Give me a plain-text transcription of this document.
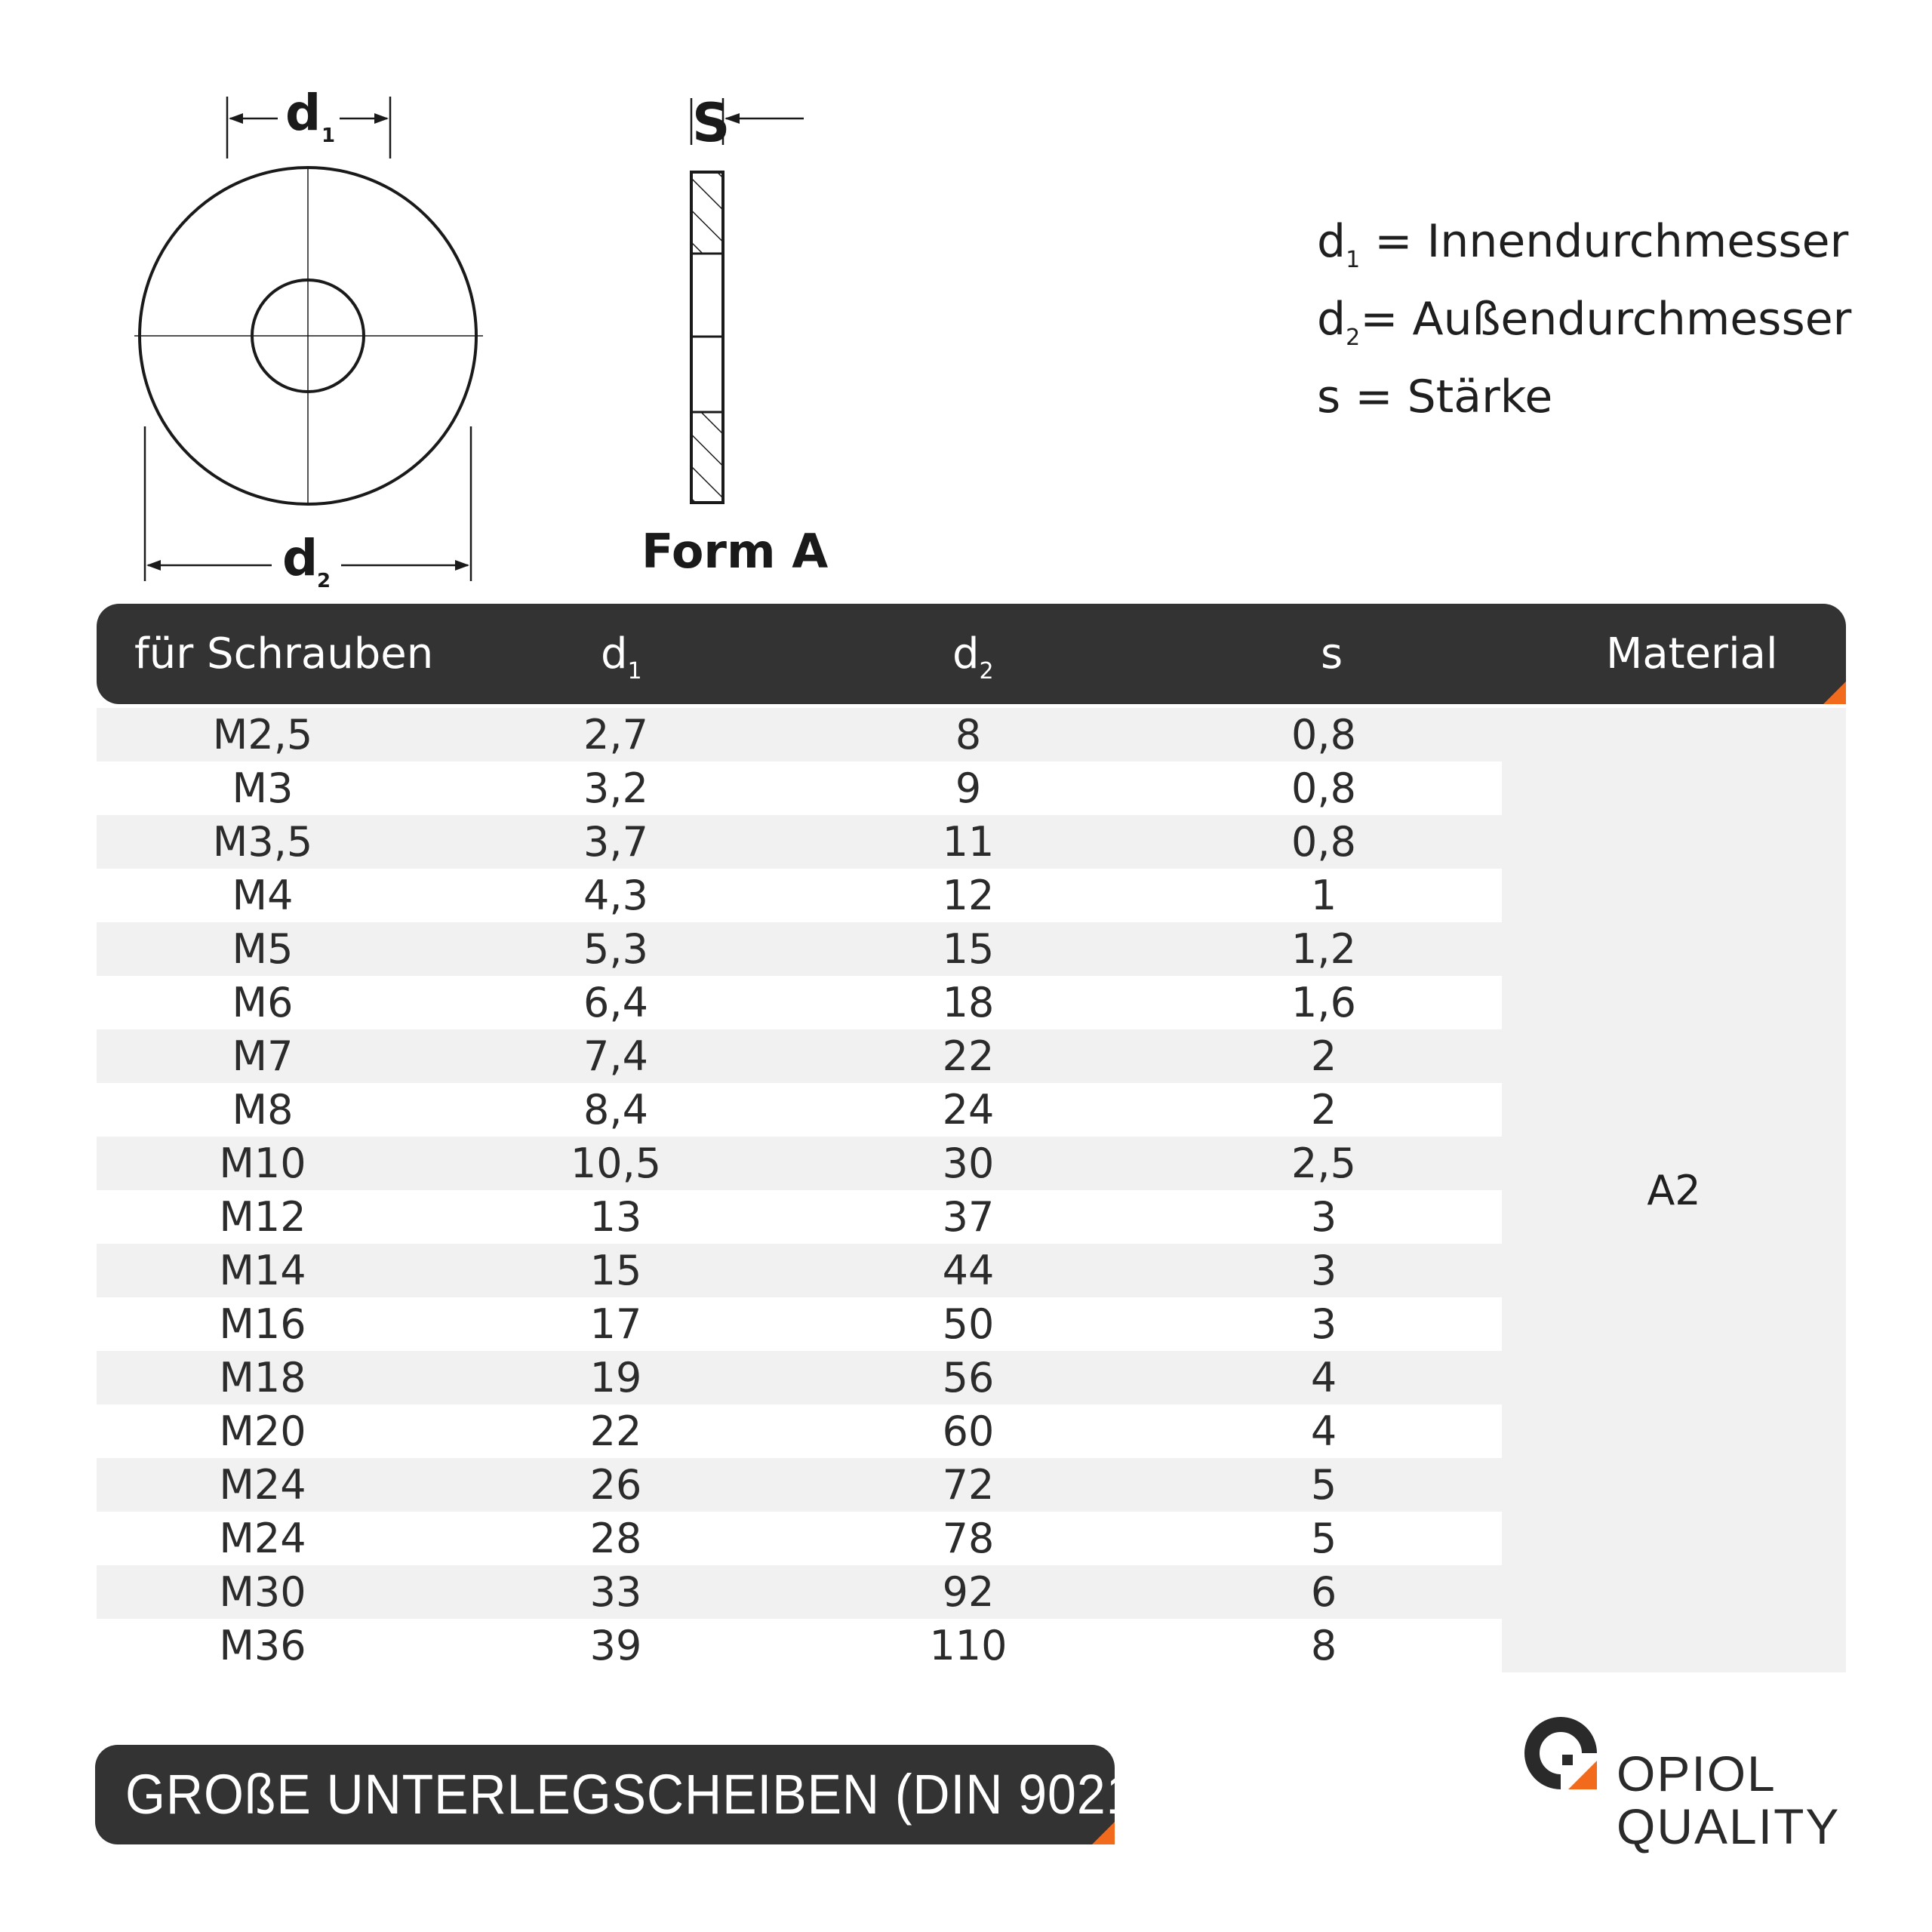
d 1
d
2
S
Form A
$d_1$ = Innendurchmesser
$d_2=$ Außendurchmesser
s = Stärke
für Schrauben	$d_1$	$d_2$	s	Material
M2,5	2,7	8	0,8
M3	3,2	9	0,8
M3,5	3,7	11	0,8
M4	4,3	12	1
M5	5,3	15	1,2
M6	6,4	18	1,6
M7	7,4	22	2
M8	8,4	24	2
M10	10,5	30	2,5
M12	13	37	3
M14	15	44	3
M16	17	50	3
M18	19	56	4
M20	22	60	4
M24	26	72	5
M24	28	78	5
M30	33	92	6
M36	39	110	8
A2
GROßE UNTERLEGSCHEIBEN (DIN 9021)	OPIOL
QUALITY
